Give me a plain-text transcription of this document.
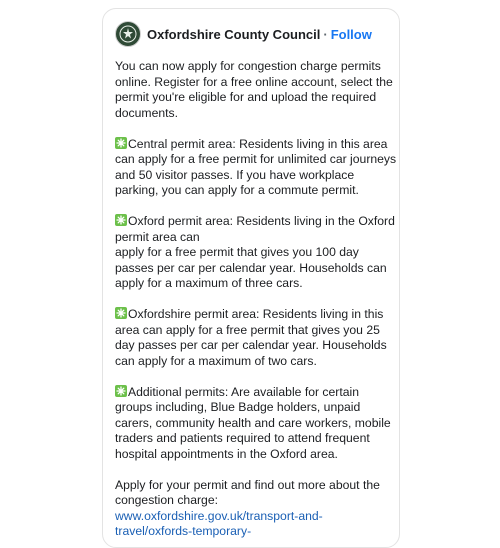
Oxfordshire County Council · Follow

You can now apply for congestion charge permits online. Register for a free online account, select the permit you're eligible for and upload the required documents.

Central permit area: Residents living in this area can apply for a free permit for unlimited car journeys and 50 visitor passes. If you have workplace parking, you can apply for a commute permit.

Oxford permit area: Residents living in the Oxford permit area can
apply for a free permit that gives you 100 day passes per car per calendar year. Households can apply for a maximum of three cars.

Oxfordshire permit area: Residents living in this area can apply for a free permit that gives you 25 day passes per car per calendar year. Households can apply for a maximum of two cars.

Additional permits: Are available for certain groups including, Blue Badge holders, unpaid carers, community health and care workers, mobile traders and patients required to attend frequent hospital appointments in the Oxford area.

Apply for your permit and find out more about the congestion charge: www.oxfordshire.gov.uk/transport-and-travel/oxfords-temporary-
